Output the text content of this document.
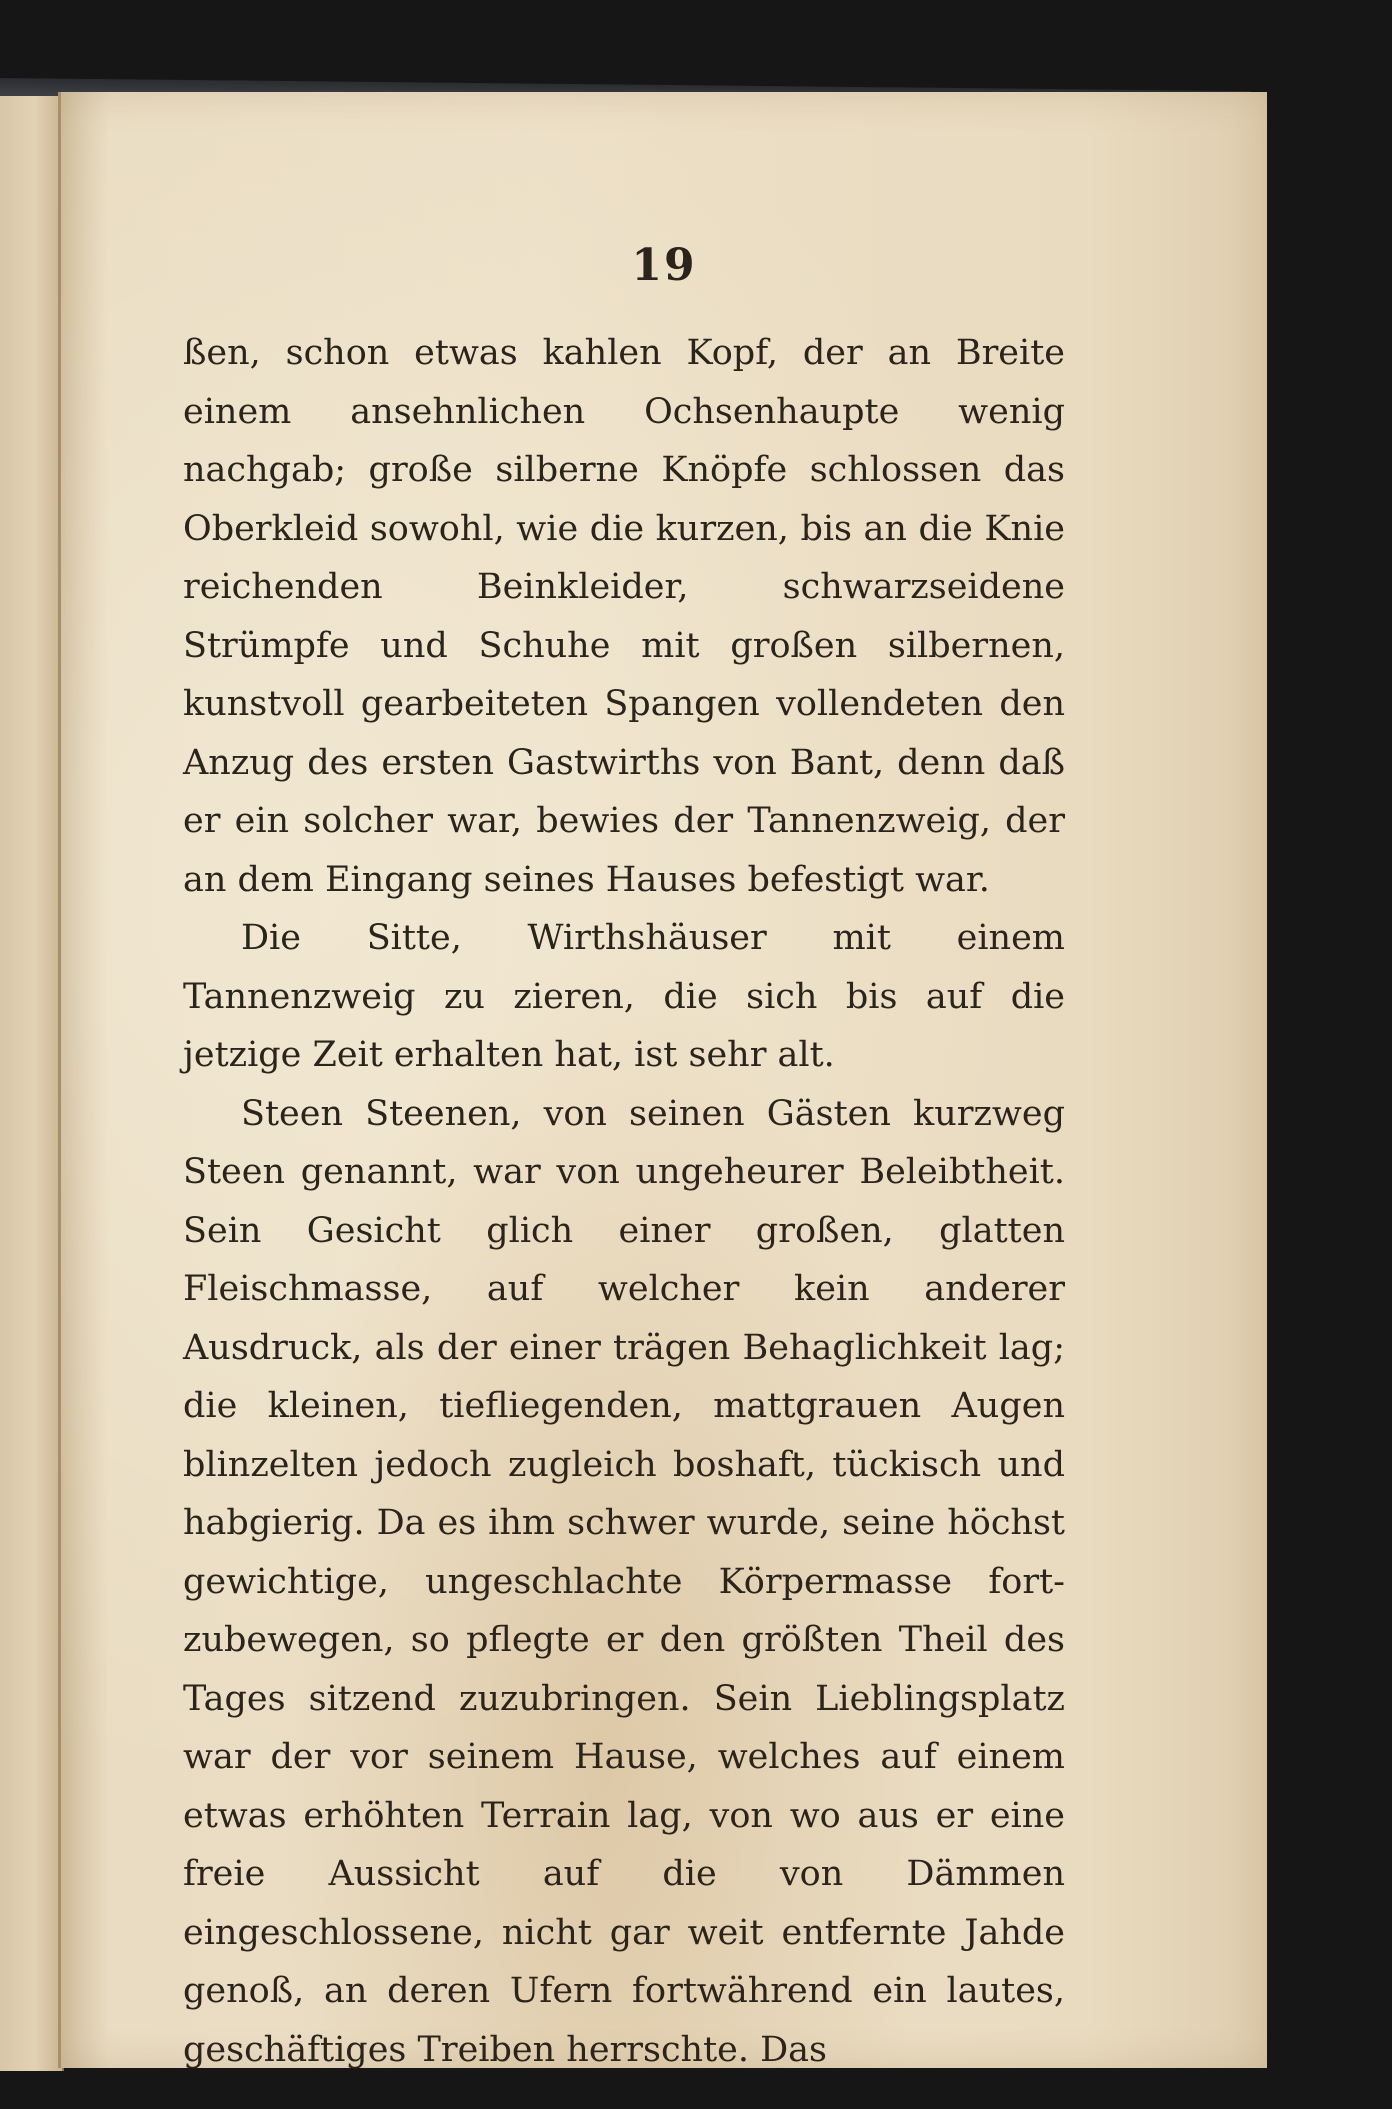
19

ßen, schon etwas kahlen Kopf, der an Breite einem ansehnlichen Ochsenhaupte wenig nachgab; große silberne Knöpfe schlossen das Oberkleid sowohl, wie die kurzen, bis an die Knie reichenden Beinkleider, schwarzseidene Strümpfe und Schuhe mit großen silbernen, kunstvoll gearbeiteten Spangen vollendeten den Anzug des ersten Gastwirths von Bant, denn daß er ein solcher war, bewies der Tannenzweig, der an dem Eingang seines Hauses befestigt war.

Die Sitte, Wirthshäuser mit einem Tannenzweig zu zieren, die sich bis auf die jetzige Zeit erhalten hat, ist sehr alt.

Steen Steenen, von seinen Gästen kurzweg Steen genannt, war von ungeheurer Beleibtheit. Sein Gesicht glich einer großen, glatten Fleischmasse, auf welcher kein anderer Ausdruck, als der einer trägen Behaglichkeit lag; die kleinen, tiefliegenden, mattgrauen Augen blinzelten jedoch zugleich boshaft, tückisch und habgierig. Da es ihm schwer wurde, seine höchst gewichtige, ungeschlachte Körpermasse fortzubewegen, so pflegte er den größten Theil des Tages sitzend zuzubringen. Sein Lieblingsplatz war der vor seinem Hause, welches auf einem etwas erhöhten Terrain lag, von wo aus er eine freie Aussicht auf die von Dämmen eingeschlossene, nicht gar weit entfernte Jahde genoß, an deren Ufern fortwährend ein lautes, geschäftiges Treiben herrschte. Das
